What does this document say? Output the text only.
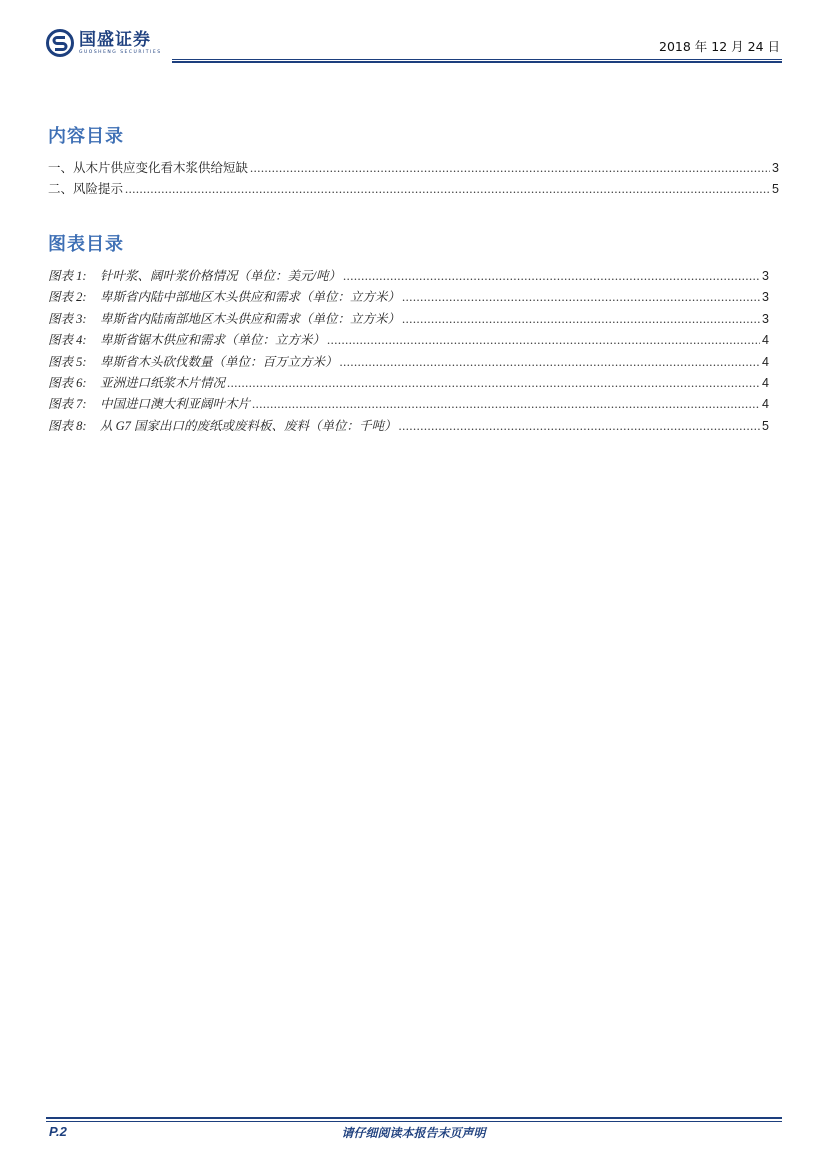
国盛证券
GUOSHENG SECURITIES	2018 年 12 月 24 日
内容目录
一、从木片供应变化看木浆供给短缺 .....	3
二、风险提示 .....	5
图表目录
图表 1: 针叶浆、阔叶浆价格情况（单位：美元/吨） .....	3
图表 2: 卑斯省内陆中部地区木头供应和需求（单位：立方米） .....	3
图表 3: 卑斯省内陆南部地区木头供应和需求（单位：立方米） .....	3
图表 4: 卑斯省锯木供应和需求（单位：立方米） .....	4
图表 5: 卑斯省木头砍伐数量（单位：百万立方米） .....	4
图表 6: 亚洲进口纸浆木片情况 .....	4
图表 7: 中国进口澳大利亚阔叶木片 .....	4
图表 8: 从 G7 国家出口的废纸或废料板、废料（单位：千吨） .....	5
P.2	请仔细阅读本报告末页声明
